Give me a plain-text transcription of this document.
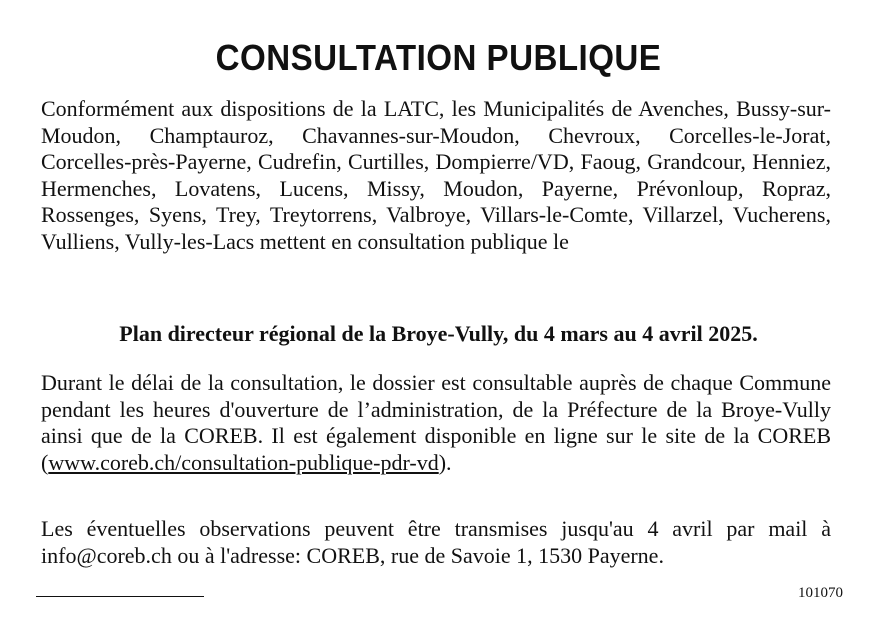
CONSULTATION PUBLIQUE
Conformément aux dispositions de la LATC, les Municipalités de Avenches, Bussy-sur-Moudon, Champtauroz, Chavannes-sur-Moudon, Chevroux, Corcelles-le-Jorat, Corcelles-près-Payerne, Cudrefin, Curtilles, Dompierre/VD, Faoug, Grandcour, Henniez, Hermenches, Lovatens, Lucens, Missy, Moudon, Payerne, Prévonloup, Ropraz, Rossenges, Syens, Trey, Treytorrens, Valbroye, Villars-le-Comte, Villarzel, Vucherens, Vulliens, Vully-les-Lacs mettent en consultation publique le
Plan directeur régional de la Broye-Vully, du 4 mars au 4 avril 2025.
Durant le délai de la consultation, le dossier est consultable auprès de chaque Commune pendant les heures d'ouverture de l’administration, de la Préfecture de la Broye-Vully ainsi que de la COREB. Il est également disponible en ligne sur le site de la COREB (www.coreb.ch/consultation-publique-pdr-vd).
Les éventuelles observations peuvent être transmises jusqu'au 4 avril par mail à info@coreb.ch ou à l'adresse: COREB, rue de Savoie 1, 1530 Payerne.
101070
